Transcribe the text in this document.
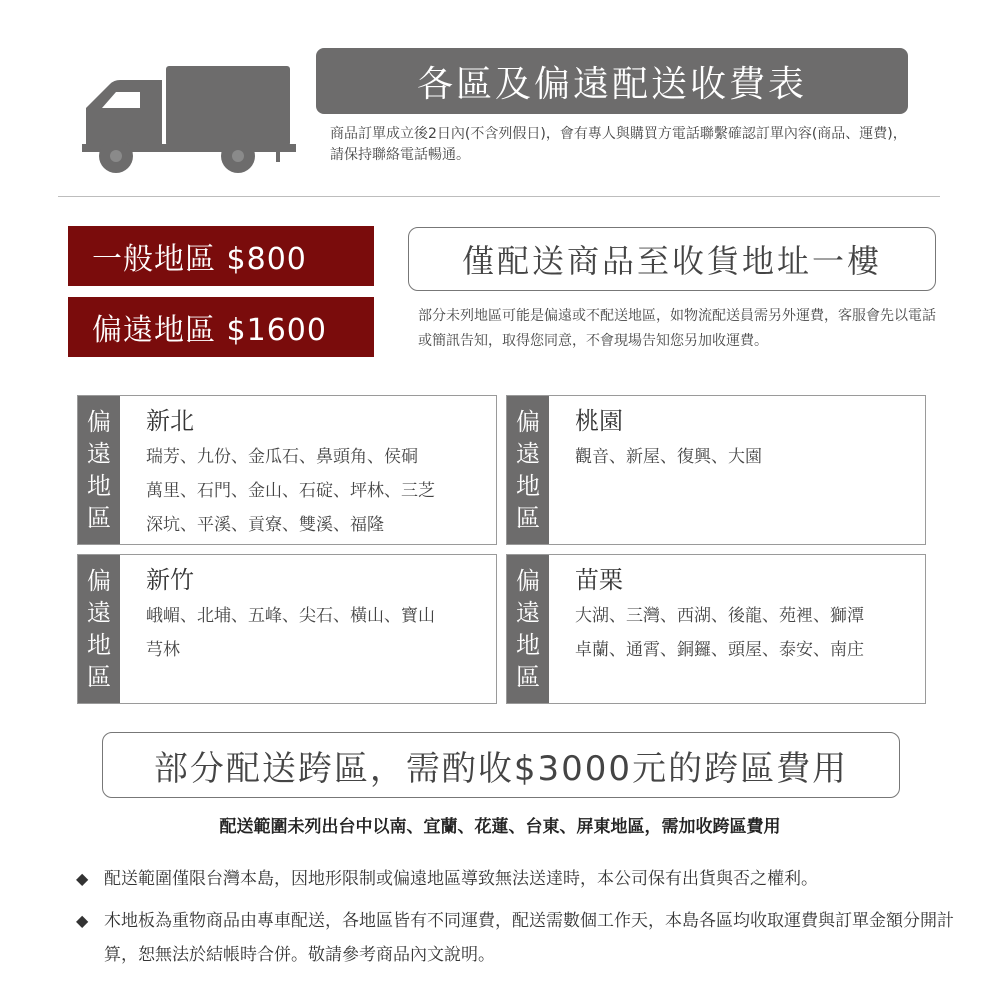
各區及偏遠配送收費表
商品訂單成立後2日內(不含列假日)，會有專人與購買方電話聯繫確認訂單內容(商品、運費)，請保持聯絡電話暢通。
一般地區 $800
偏遠地區 $1600
僅配送商品至收貨地址一樓
部分未列地區可能是偏遠或不配送地區，如物流配送員需另外運費，客服會先以電話或簡訊告知，取得您同意，不會現場告知您另加收運費。
偏
遠
地
區
新北
瑞芳、九份、金瓜石、鼻頭角、侯硐
萬里、石門、金山、石碇、坪林、三芝
深坑、平溪、貢寮、雙溪、福隆
偏
遠
地
區
桃園
觀音、新屋、復興、大園
偏
遠
地
區
新竹
峨嵋、北埔、五峰、尖石、橫山、寶山
芎林
偏
遠
地
區
苗栗
大湖、三灣、西湖、後龍、苑裡、獅潭
卓蘭、通霄、銅鑼、頭屋、泰安、南庄
部分配送跨區，需酌收$3000元的跨區費用
配送範圍未列出台中以南、宜蘭、花蓮、台東、屏東地區，需加收跨區費用
◆ 配送範圍僅限台灣本島，因地形限制或偏遠地區導致無法送達時，本公司保有出貨與否之權利。
◆ 木地板為重物商品由專車配送，各地區皆有不同運費，配送需數個工作天，本島各區均收取運費與訂單金額分開計算，恕無法於結帳時合併。敬請參考商品內文說明。
